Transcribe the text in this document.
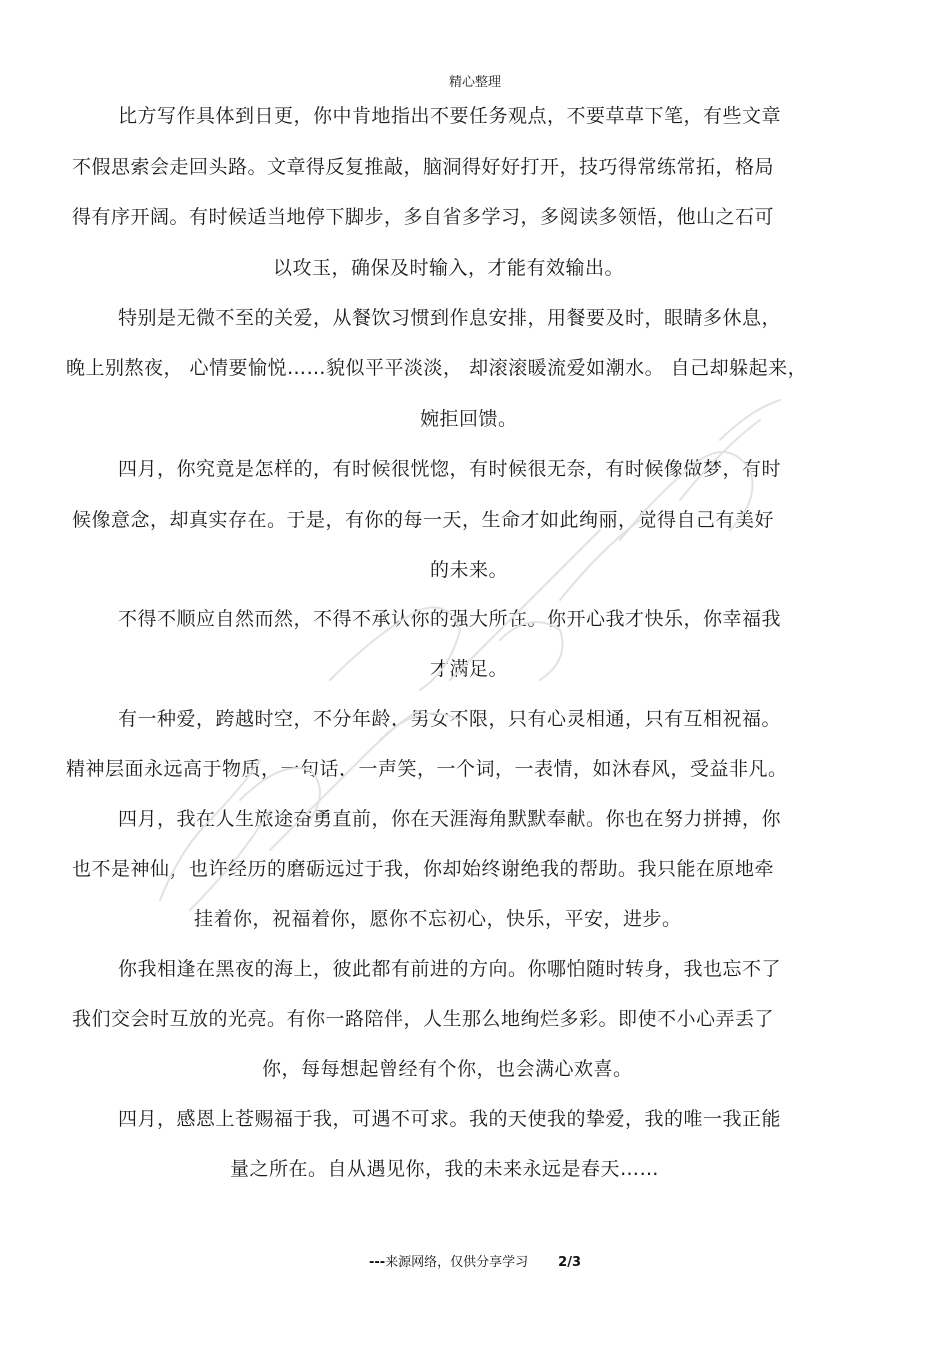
精心整理
比方写作具体到日更，你中肯地指出不要任务观点，不要草草下笔，有些文章
不假思索会走回头路。文章得反复推敲，脑洞得好好打开，技巧得常练常拓，格局
得有序开阔。有时候适当地停下脚步，多自省多学习，多阅读多领悟，他山之石可
以攻玉，确保及时输入，才能有效输出。
特别是无微不至的关爱，从餐饮习惯到作息安排，用餐要及时，眼睛多休息，
晚上别熬夜， 心情要愉悦……貌似平平淡淡， 却滚滚暖流爱如潮水。 自己却躲起来，
婉拒回馈。
四月，你究竟是怎样的，有时候很恍惚，有时候很无奈，有时候像做梦，有时
候像意念，却真实存在。于是，有你的每一天，生命才如此绚丽，觉得自己有美好
的未来。
不得不顺应自然而然，不得不承认你的强大所在。你开心我才快乐，你幸福我
才满足。
有一种爱，跨越时空，不分年龄，男女不限，只有心灵相通，只有互相祝福。
精神层面永远高于物质，一句话，一声笑，一个词，一表情，如沐春风，受益非凡。
四月，我在人生旅途奋勇直前，你在天涯海角默默奉献。你也在努力拼搏，你
也不是神仙，也许经历的磨砺远过于我，你却始终谢绝我的帮助。我只能在原地牵
挂着你，祝福着你，愿你不忘初心，快乐，平安，进步。
你我相逢在黑夜的海上，彼此都有前进的方向。你哪怕随时转身，我也忘不了
我们交会时互放的光亮。有你一路陪伴，人生那么地绚烂多彩。即使不小心弄丢了
你，每每想起曾经有个你，也会满心欢喜。
四月，感恩上苍赐福于我，可遇不可求。我的天使我的挚爱，我的唯一我正能
量之所在。自从遇见你，我的未来永远是春天……
---来源网络，仅供分享学习 2/3
